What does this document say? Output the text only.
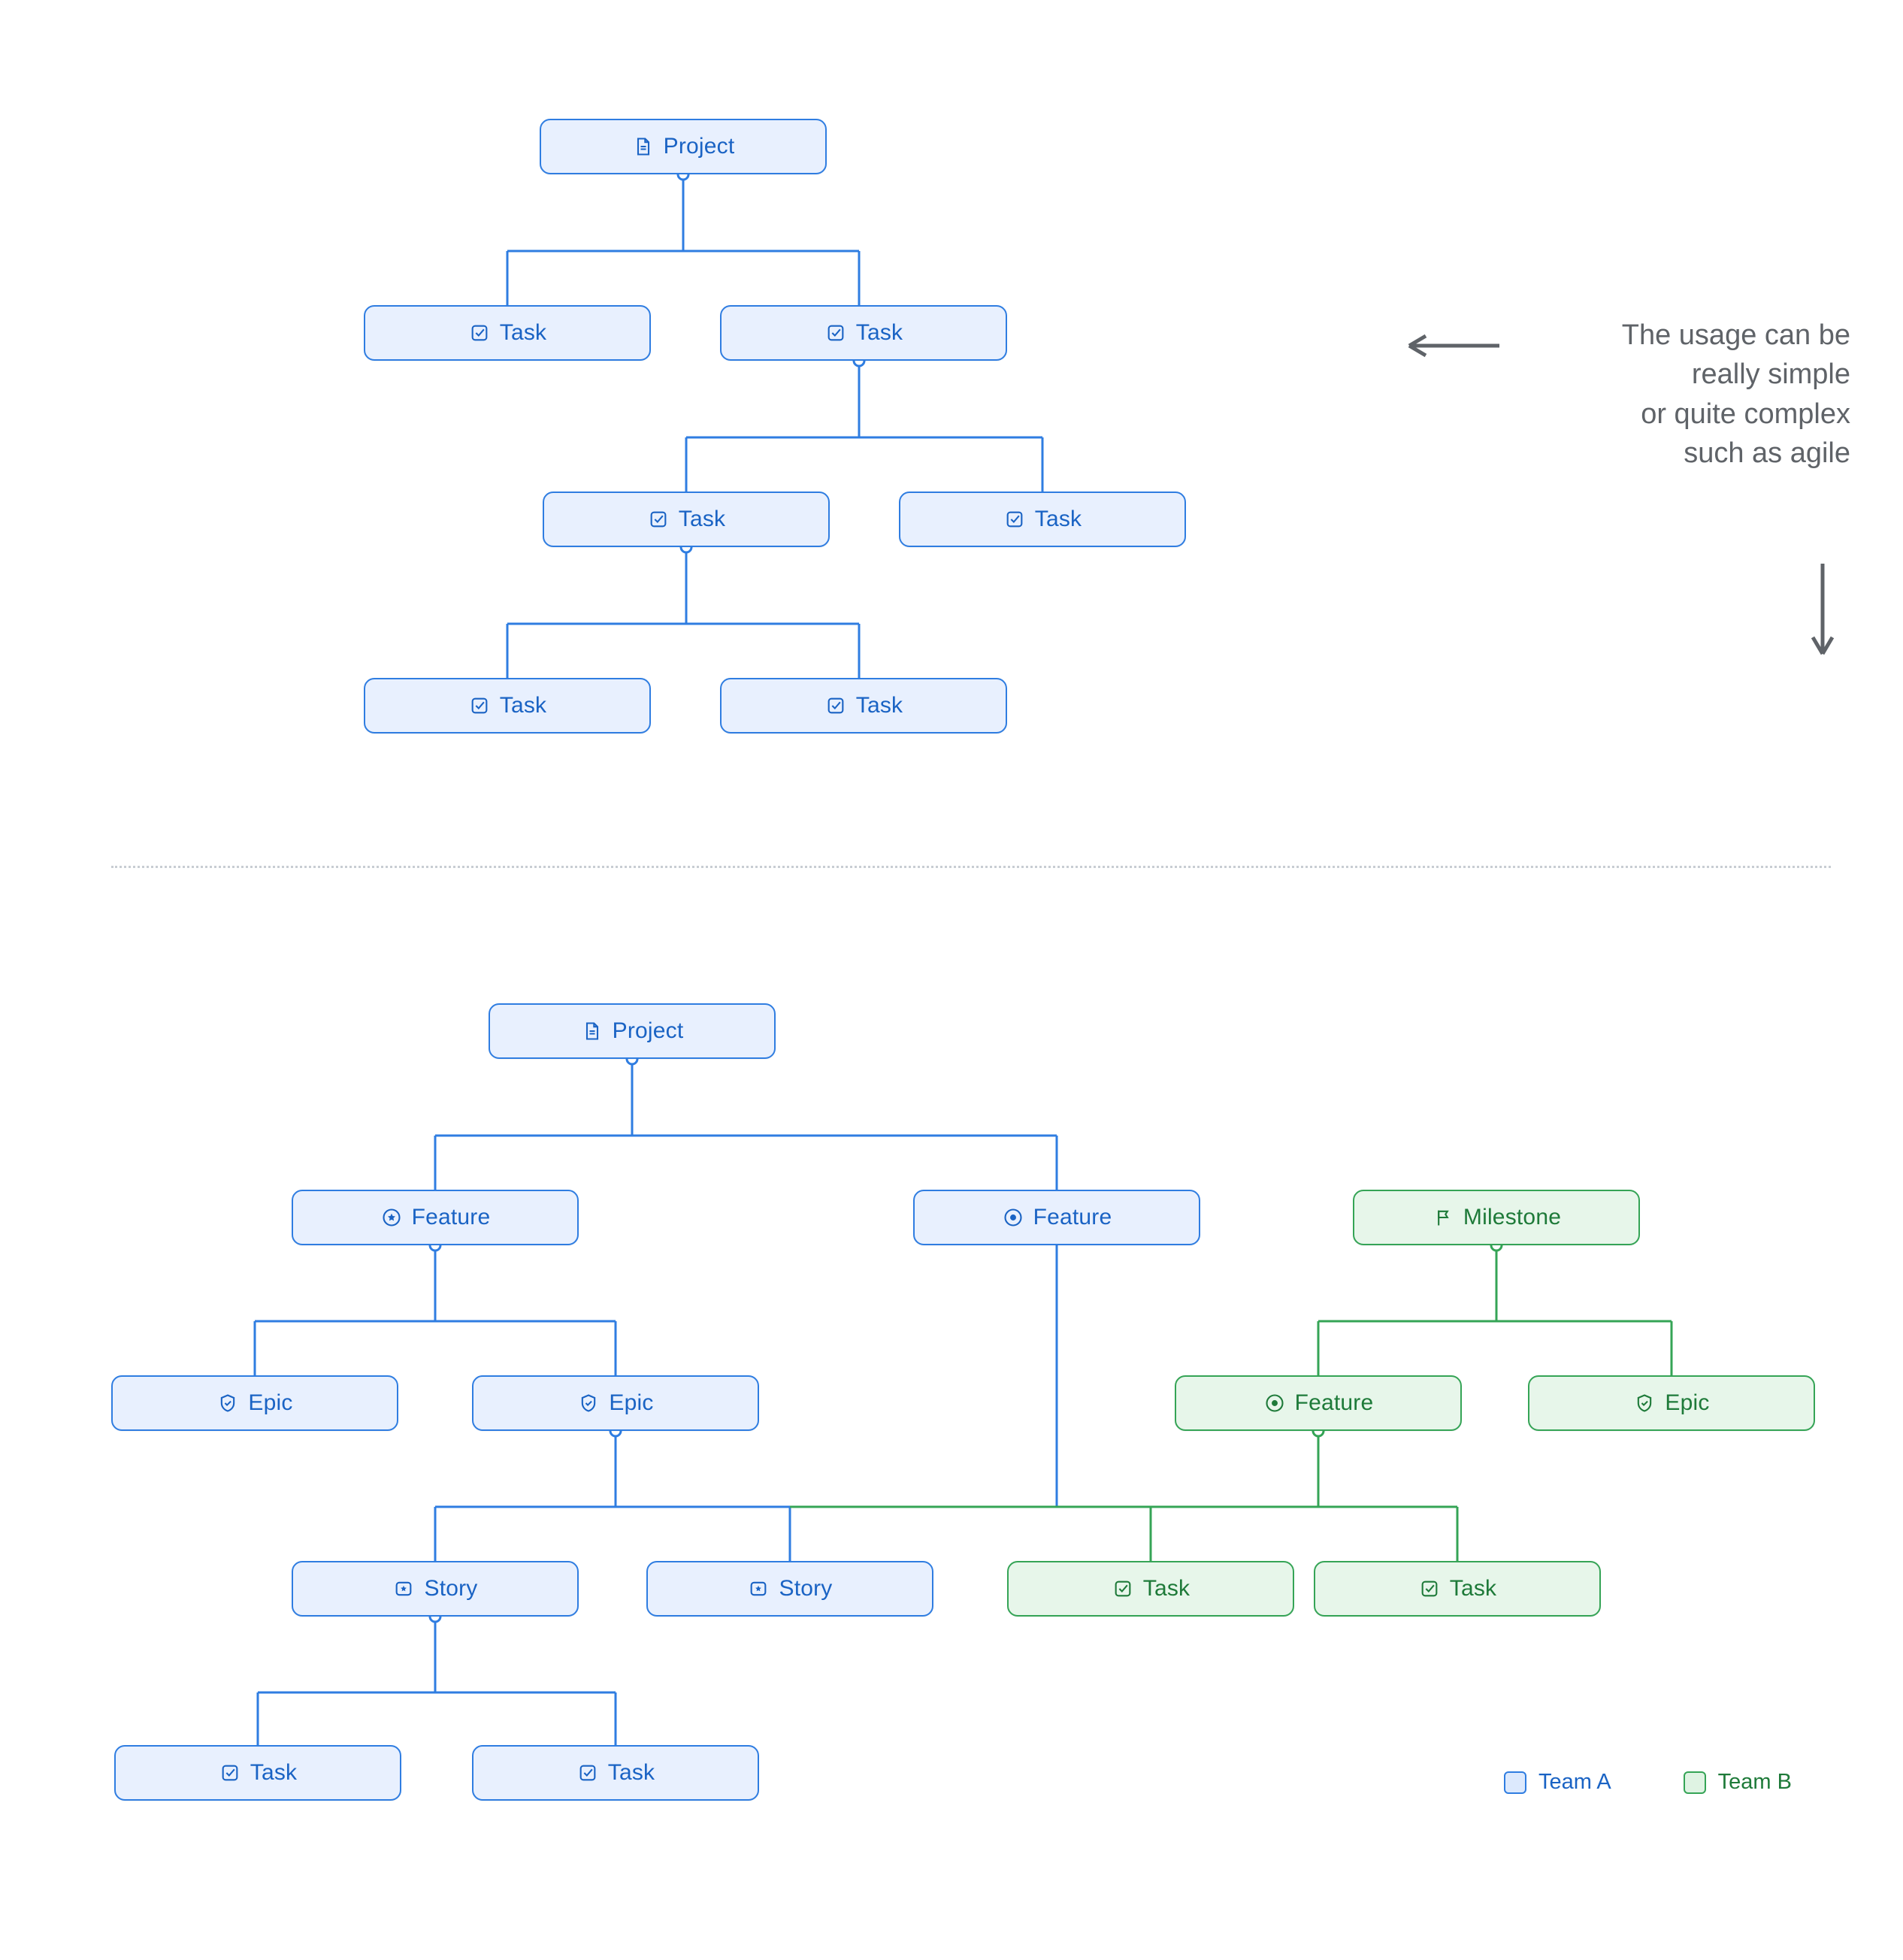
Project
Task	Task
Task	Task
Task	Task
The usage can be
really simple
or quite complex
such as agile
Project
Feature	Feature	Milestone
Epic	Epic	Feature	Epic
Story	Story	Task	Task
Task	Task	Team A	Team B
